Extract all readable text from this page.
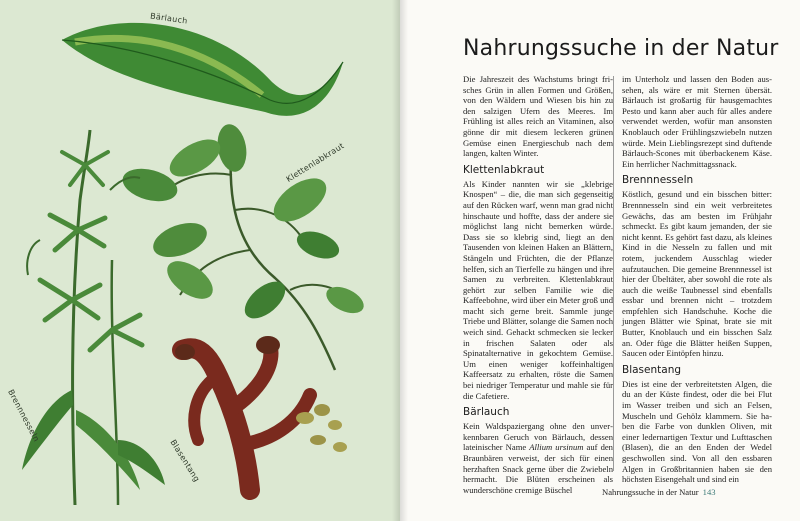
Bärlauch
Klettenlabkraut
Brennnesseln
Blasentang
Nahrungssuche in der Natur

Die Jahreszeit des Wachstums bringt frisches Grün in allen Formen und Größen, von den Wäldern und Wiesen bis hin zu den salzigen Ufern des Meeres. Im Frühling ist alles reich an Vitaminen, also gönne dir mit diesem leckeren grünen Gemüse einen Energieschub nach dem langen, kalten Winter.

Klettenlabkraut

Als Kinder nannten wir sie „klebrige Knospen“ – die, die man sich gegenseitig auf den Rücken warf, wenn man grad nicht hinschaute und hoffte, dass der andere sie möglichst lang nicht bemerken würde. Dass sie so klebrig sind, liegt an den Tausenden von kleinen Haken an Blättern, Stängeln und Früchten, die der Pflanze helfen, sich an Tierfelle zu hängen und ihre Samen zu verbreiten. Klettenlabkraut gehört zur selben Familie wie die Kaffeebohne, wird über ein Meter groß und macht sich gerne breit. Sammle junge Triebe und Blätter, solange die Samen noch weich sind. Gehackt schmecken sie lecker in frischen Salaten oder als Spinatalternative in gekochtem Gemüse. Um einen weniger koffeinhaltigen Kaffeersatz zu erhalten, röste die Samen bei niedriger Temperatur und mahle sie für die Cafetiere.

Bärlauch

Kein Waldspaziergang ohne den unverkennbaren Geruch von Bärlauch, dessen lateinischer Name Allium ursinum auf den Braunbären verweist, der sich für einen herzhaften Snack gerne über die Zwiebeln hermacht. Die Blüten erscheinen als wunderschöne cremige Büschel

im Unterholz und lassen den Boden aussehen, als wäre er mit Sternen übersät. Bärlauch ist großartig für hausgemachtes Pesto und kann aber auch für alles andere verwendet werden, wofür man ansonsten Knoblauch oder Frühlingszwiebeln nutzen würde. Mein Lieblingsrezept sind duftende Bärlauch-Scones mit überbackenem Käse. Ein herrlicher Nachmittagssnack.

Brennnesseln

Köstlich, gesund und ein bisschen bitter: Brennnesseln sind ein weit verbreitetes Gewächs, das am besten im Frühjahr schmeckt. Es gibt kaum jemanden, der sie nicht kennt. Es gehört fast dazu, als kleines Kind in die Nesseln zu fallen und mit rotem, juckendem Ausschlag wieder aufzutauchen. Die gemeine Brennnessel ist hier der Übeltäter, aber sowohl die rote als auch die weiße Taubnessel sind ebenfalls essbar und brennen nicht – trotzdem empfehlen sich Handschuhe. Koche die jungen Blätter wie Spinat, brate sie mit Butter, Knoblauch und ein bisschen Salz an. Oder füge die Blätter heißen Suppen, Saucen oder Eintöpfen hinzu.

Blasentang

Dies ist eine der verbreitetsten Algen, die du an der Küste findest, oder die bei Flut im Wasser treiben und sich an Felsen, Muscheln und Gehölz klammern. Sie haben die Farbe von dunklen Oliven, mit einer ledernartigen Textur und Lufttaschen (Blasen), die an den Enden der Wedel geschwollen sind. Von all den essbaren Algen in Großbritannien haben sie den höchsten Eisengehalt und sind ein

Nahrungssuche in der Natur 143
